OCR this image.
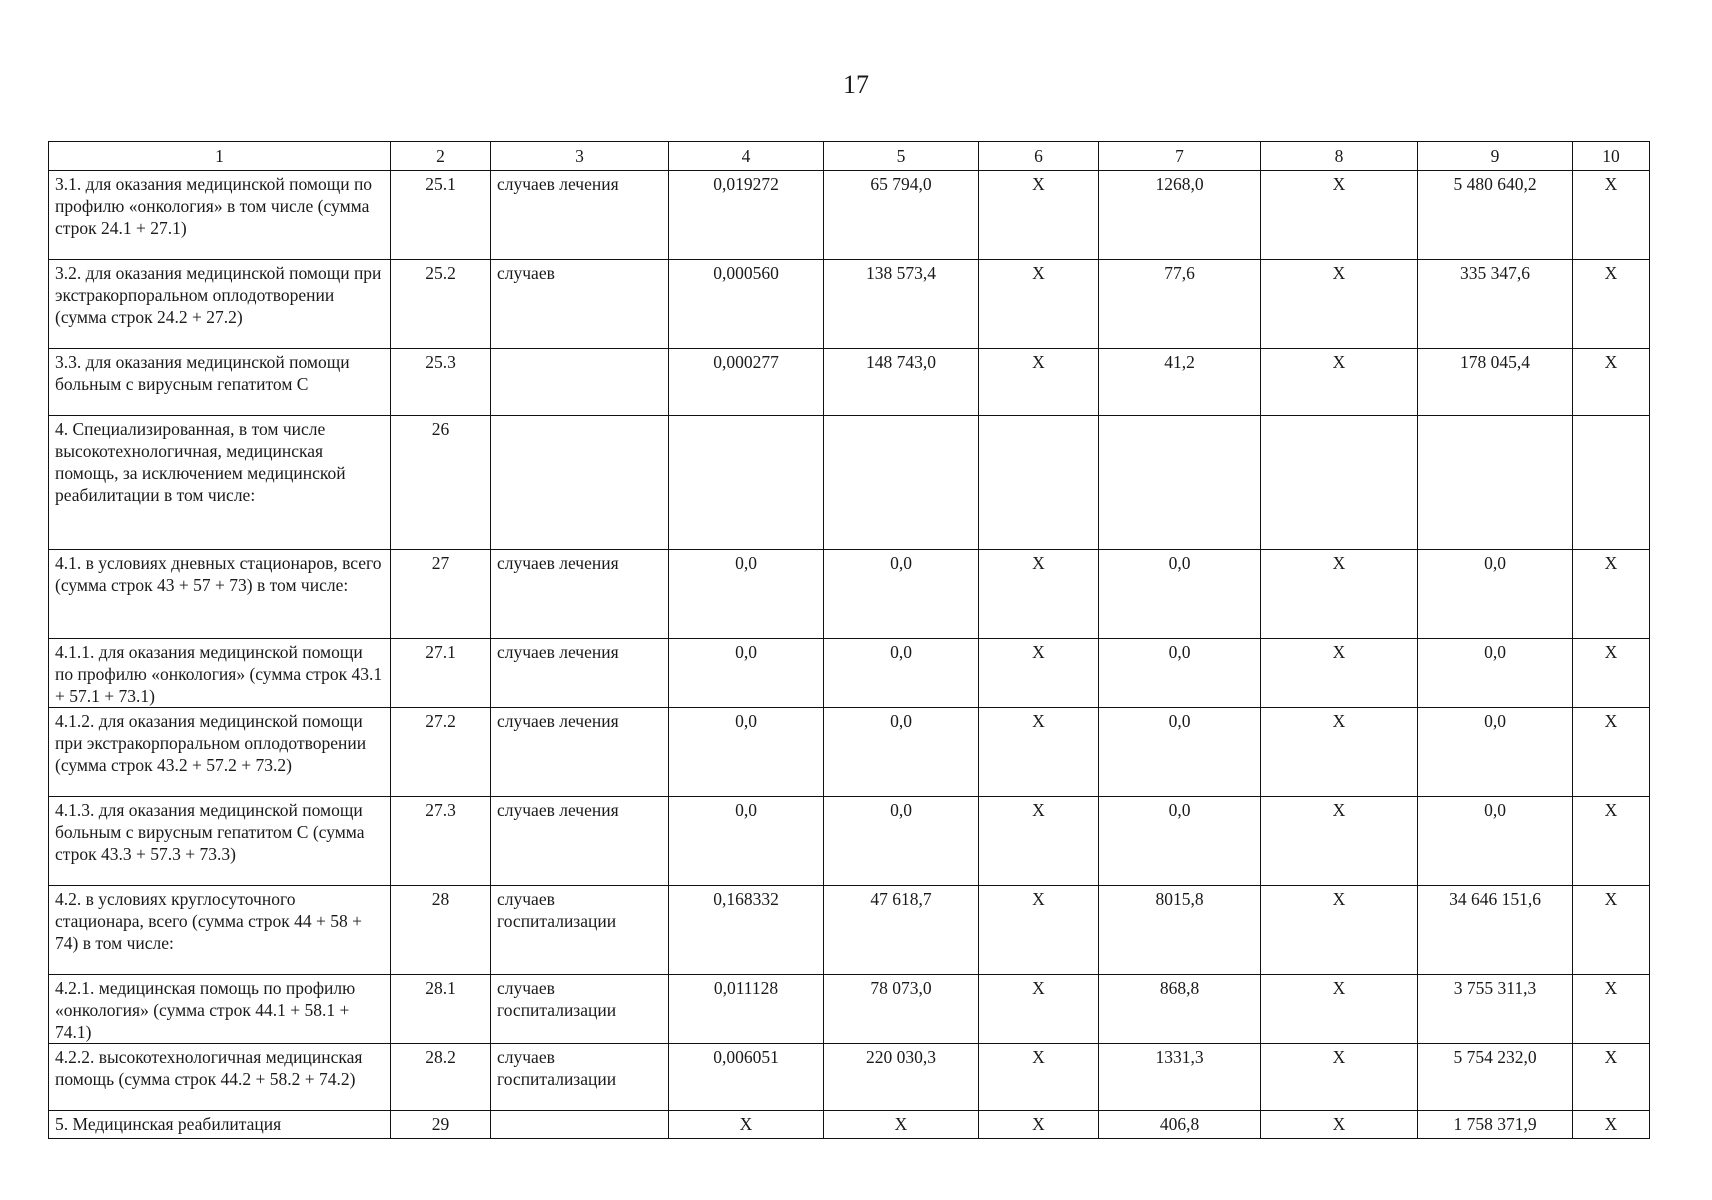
17
1	2	3	4	5	6	7	8	9	10
3.1. для оказания медицинской помощи по профилю «онкология» в том числе (сумма строк 24.1 + 27.1)	25.1	случаев лечения	0,019272	65 794,0	Х	1268,0	Х	5 480 640,2	Х
3.2. для оказания медицинской помощи при экстракорпоральном оплодотворении (сумма строк 24.2 + 27.2)	25.2	случаев	0,000560	138 573,4	Х	77,6	Х	335 347,6	Х
3.3. для оказания медицинской помощи больным с вирусным гепатитом С	25.3		0,000277	148 743,0	Х	41,2	Х	178 045,4	Х
4. Специализированная, в том числе высокотехнологичная, медицинская помощь, за исключением медицинской реабилитации в том числе:	26								
4.1. в условиях дневных стационаров, всего (сумма строк 43 + 57 + 73) в том числе:	27	случаев лечения	0,0	0,0	Х	0,0	Х	0,0	Х
4.1.1. для оказания медицинской помощи по профилю «онкология» (сумма строк 43.1 + 57.1 + 73.1)	27.1	случаев лечения	0,0	0,0	Х	0,0	Х	0,0	Х
4.1.2. для оказания медицинской помощи при экстракорпоральном оплодотворении (сумма строк 43.2 + 57.2 + 73.2)	27.2	случаев лечения	0,0	0,0	Х	0,0	Х	0,0	Х
4.1.3. для оказания медицинской помощи больным с вирусным гепатитом С (сумма строк 43.3 + 57.3 + 73.3)	27.3	случаев лечения	0,0	0,0	Х	0,0	Х	0,0	Х
4.2. в условиях круглосуточного стационара, всего (сумма строк 44 + 58 + 74) в том числе:	28	случаев госпитализации	0,168332	47 618,7	Х	8015,8	Х	34 646 151,6	Х
4.2.1. медицинская помощь по профилю «онкология» (сумма строк 44.1 + 58.1 + 74.1)	28.1	случаев госпитализации	0,011128	78 073,0	Х	868,8	Х	3 755 311,3	Х
4.2.2. высокотехнологичная медицинская помощь (сумма строк 44.2 + 58.2 + 74.2)	28.2	случаев госпитализации	0,006051	220 030,3	Х	1331,3	Х	5 754 232,0	Х
5. Медицинская реабилитация	29		Х	Х	Х	406,8	Х	1 758 371,9	Х
